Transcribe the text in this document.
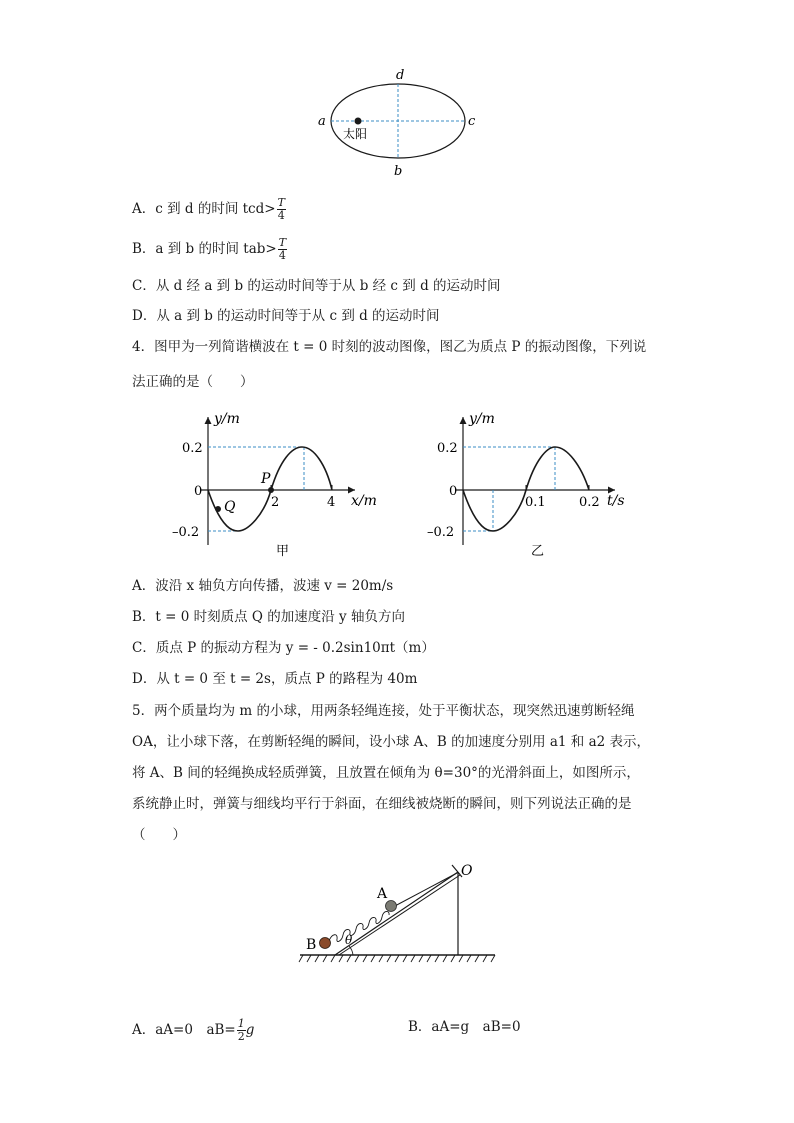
d
a	c
b
太阳
A．c 到 d 的时间 $tcd> \frac{T}{4}$
B．a 到 b 的时间 $tab> \frac{T}{4}$
C．从 d 经 a 到 b 的运动时间等于从 b 经 c 到 d 的运动时间
D．从 a 到 b 的运动时间等于从 c 到 d 的运动时间
4．图甲为一列简谐横波在 t = 0 时刻的波动图像，图乙为质点 P 的振动图像，下列说
法正确的是（　　）
y/m
x/m
0.2
0
–0.2
2	4
P
Q
甲
y/m
t/s
0.2
0
–0.2
0.1	0.2
乙
A．波沿 x 轴负方向传播，波速 v = 20m/s
B．t = 0 时刻质点 Q 的加速度沿 y 轴负方向
C．质点 P 的振动方程为 y = - 0.2sin10πt（m）
D．从 t = 0 至 t = 2s，质点 P 的路程为 40m
5．两个质量均为 m 的小球，用两条轻绳连接，处于平衡状态，现突然迅速剪断轻绳
OA，让小球下落，在剪断轻绳的瞬间，设小球 A、B 的加速度分别用 a1 和 a2 表示，
将 A、B 间的轻绳换成轻质弹簧，且放置在倾角为 θ=30°的光滑斜面上，如图所示，
系统静止时，弹簧与细线均平行于斜面，在细线被烧断的瞬间，则下列说法正确的是
（　　）
θ
O
A
B
A．aA=0　$aB= \frac{1}{2}$ g	B．aA=g　aB=0
